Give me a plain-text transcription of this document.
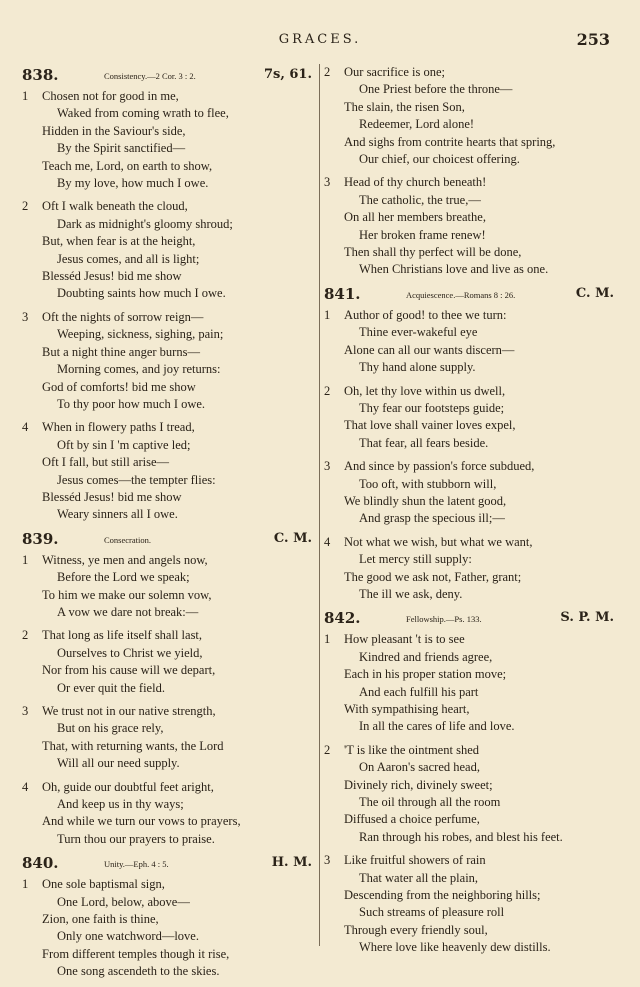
GRACES.	253
838.	Consistency.—2 Cor. 3 : 2.	7s, 61.
1 Chosen not for good in me,
Waked from coming wrath to flee,
Hidden in the Saviour's side,
By the Spirit sanctified—
Teach me, Lord, on earth to show,
By my love, how much I owe.
2 Oft I walk beneath the cloud,
Dark as midnight's gloomy shroud;
But, when fear is at the height,
Jesus comes, and all is light;
Blesséd Jesus! bid me show
Doubting saints how much I owe.
3 Oft the nights of sorrow reign—
Weeping, sickness, sighing, pain;
But a night thine anger burns—
Morning comes, and joy returns:
God of comforts! bid me show
To thy poor how much I owe.
4 When in flowery paths I tread,
Oft by sin I 'm captive led;
Oft I fall, but still arise—
Jesus comes—the tempter flies:
Blesséd Jesus! bid me show
Weary sinners all I owe.
839.	Consecration.	C. M.
1 Witness, ye men and angels now,
Before the Lord we speak;
To him we make our solemn vow,
A vow we dare not break:—
2 That long as life itself shall last,
Ourselves to Christ we yield,
Nor from his cause will we depart,
Or ever quit the field.
3 We trust not in our native strength,
But on his grace rely,
That, with returning wants, the Lord
Will all our need supply.
4 Oh, guide our doubtful feet aright,
And keep us in thy ways;
And while we turn our vows to prayers,
Turn thou our prayers to praise.
840.	Unity.—Eph. 4 : 5.	H. M.
1 One sole baptismal sign,
One Lord, below, above—
Zion, one faith is thine,
Only one watchword—love.
From different temples though it rise,
One song ascendeth to the skies.
2 Our sacrifice is one;
One Priest before the throne—
The slain, the risen Son,
Redeemer, Lord alone!
And sighs from contrite hearts that spring,
Our chief, our choicest offering.
3 Head of thy church beneath!
The catholic, the true,—
On all her members breathe,
Her broken frame renew!
Then shall thy perfect will be done,
When Christians love and live as one.
841.	Acquiescence.—Romans 8 : 26.	C. M.
1 Author of good! to thee we turn:
Thine ever-wakeful eye
Alone can all our wants discern—
Thy hand alone supply.
2 Oh, let thy love within us dwell,
Thy fear our footsteps guide;
That love shall vainer loves expel,
That fear, all fears beside.
3 And since by passion's force subdued,
Too oft, with stubborn will,
We blindly shun the latent good,
And grasp the specious ill;—
4 Not what we wish, but what we want,
Let mercy still supply:
The good we ask not, Father, grant;
The ill we ask, deny.
842.	Fellowship.—Ps. 133.	S. P. M.
1 How pleasant 't is to see
Kindred and friends agree,
Each in his proper station move;
And each fulfill his part
With sympathising heart,
In all the cares of life and love.
2 'T is like the ointment shed
On Aaron's sacred head,
Divinely rich, divinely sweet;
The oil through all the room
Diffused a choice perfume,
Ran through his robes, and blest his feet.
3 Like fruitful showers of rain
That water all the plain,
Descending from the neighboring hills;
Such streams of pleasure roll
Through every friendly soul,
Where love like heavenly dew distills.
